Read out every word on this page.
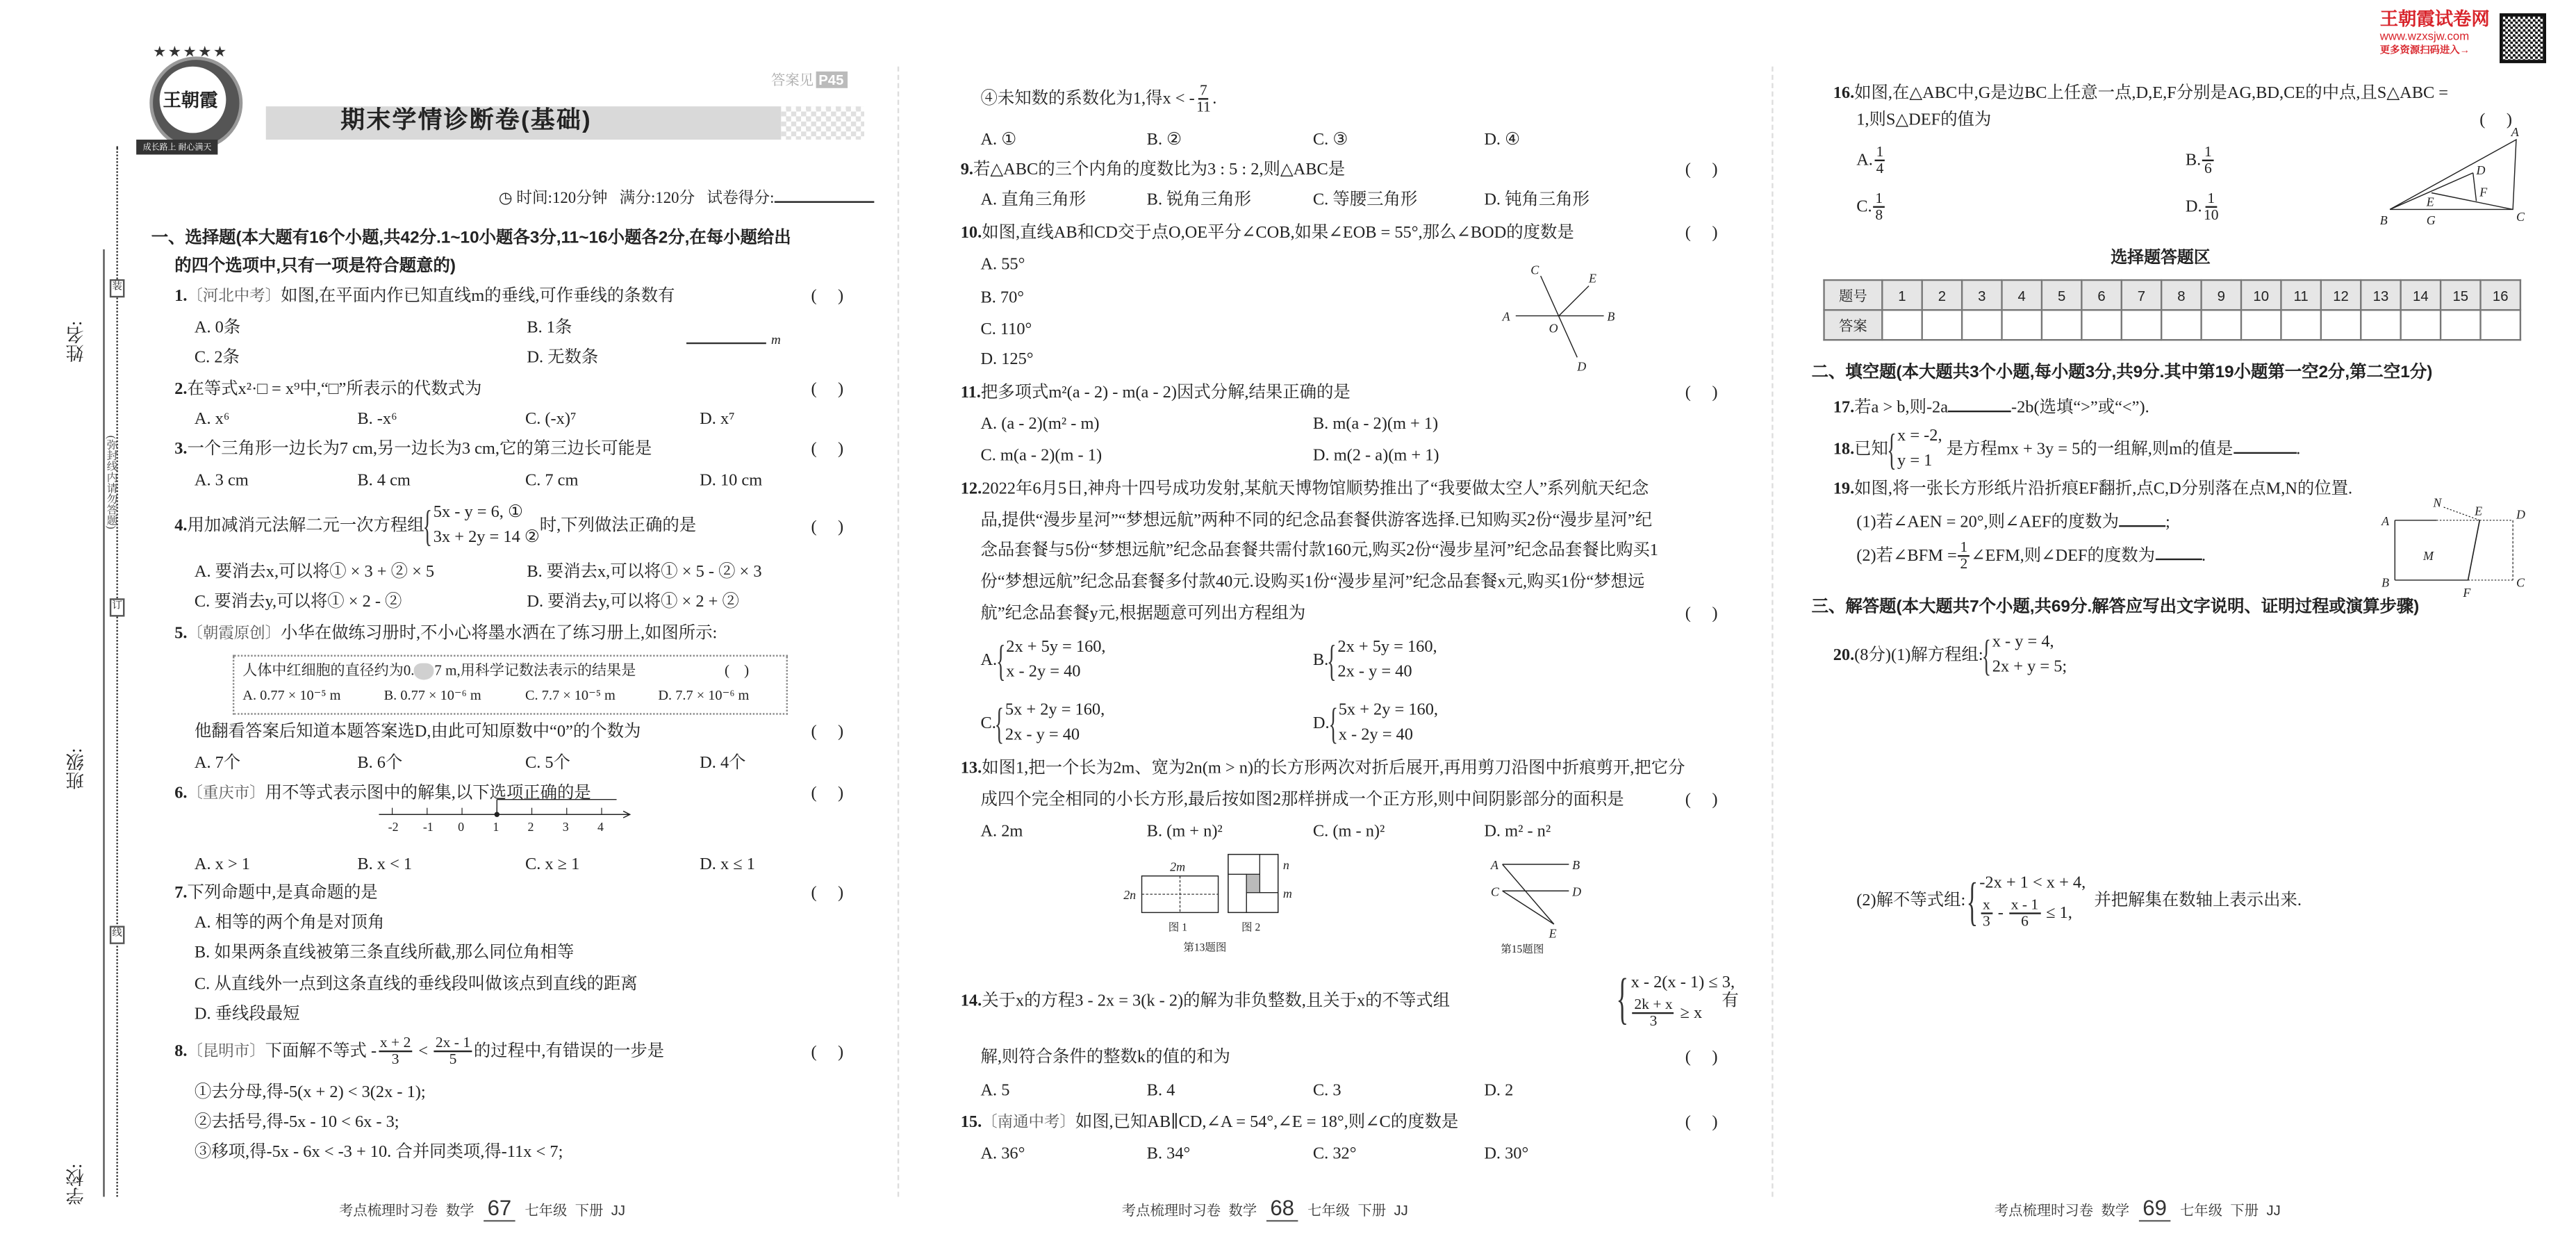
装
订
线
姓名:
班级:
学校:
(弥封线内请勿答题)
★★★★★
王朝霞
成长路上 耐心满天
期末学情诊断卷(基础)
答案见 P45
◷ 时间:120分钟 满分:120分 试卷得分:
一、选择题(本大题有16个小题,共42分.1~10小题各3分,11~16小题各2分,在每小题给出
的四个选项中,只有一项是符合题意的)
1.〔河北中考〕如图,在平面内作已知直线m的垂线,可作垂线的条数有	(     )
A. 0条	B. 1条
C. 2条	D. 无数条
m
2.在等式x²·□ = x⁹中,“□”所表示的代数式为	(     )
A. x⁶	B. -x⁶	C. (-x)⁷	D. x⁷
3.一个三角形一边长为7 cm,另一边长为3 cm,它的第三边长可能是	(     )
A. 3 cm	B. 4 cm	C. 7 cm	D. 10 cm
4.用加减消元法解二元一次方程组
{ 5x - y = 6, ①
3x + 2y = 14 ②
时,下列做法正确的是	(     )
A. 要消去x,可以将① × 3 + ② × 5	B. 要消去x,可以将① × 5 - ② × 3
C. 要消去y,可以将① × 2 - ②	D. 要消去y,可以将① × 2 + ②
5.〔朝霞原创〕小华在做练习册时,不小心将墨水洒在了练习册上,如图所示:
人体中红细胞的直径约为0.	7 m,用科学记数法表示的结果是	(    )
A. 0.77 × 10⁻⁵ m	B. 0.77 × 10⁻⁶ m	C. 7.7 × 10⁻⁵ m	D. 7.7 × 10⁻⁶ m
他翻看答案后知道本题答案选D,由此可知原数中“0”的个数为	(     )
A. 7个	B. 6个	C. 5个	D. 4个
6.〔重庆市〕用不等式表示图中的解集,以下选项正确的是	(     )
-2	-1	0	1	2	3	4
A. x > 1	B. x < 1	C. x ≥ 1	D. x ≤ 1
7.下列命题中,是真命题的是	(     )
A. 相等的两个角是对顶角
B. 如果两条直线被第三条直线所截,那么同位角相等
C. 从直线外一点到这条直线的垂线段叫做该点到直线的距离
D. 垂线段最短
8.〔昆明市〕下面解不等式 - $\frac{x + 2}{3} < \frac{2x - 1}{5}$ 的过程中,有错误的一步是	(     )
①去分母,得-5(x + 2) < 3(2x - 1);
②去括号,得-5x - 10 < 6x - 3;
③移项,得-5x - 6x < -3 + 10. 合并同类项,得-11x < 7;
考点梳理时习卷 数学 67 七年级 下册 JJ
④未知数的系数化为1,得x < - $\frac{7}{11}$ .
A. ①	B. ②	C. ③	D. ④
9.若△ABC的三个内角的度数比为3 : 5 : 2,则△ABC是	(     )
A. 直角三角形	B. 锐角三角形	C. 等腰三角形	D. 钝角三角形
10.如图,直线AB和CD交于点O,OE平分∠COB,如果∠EOB = 55°,那么∠BOD的度数是	(     )
A. 55°
B. 70°
C. 110°
D. 125°
A	B
C
D
E
O
11.把多项式m²(a - 2) - m(a - 2)因式分解,结果正确的是	(     )
A. (a - 2)(m² - m)	B. m(a - 2)(m + 1)
C. m(a - 2)(m - 1)	D. m(2 - a)(m + 1)
12.2022年6月5日,神舟十四号成功发射,某航天博物馆顺势推出了“我要做太空人”系列航天纪念
品,提供“漫步星河”“梦想远航”两种不同的纪念品套餐供游客选择.已知购买2份“漫步星河”纪
念品套餐与5份“梦想远航”纪念品套餐共需付款160元,购买2份“漫步星河”纪念品套餐比购买1
份“梦想远航”纪念品套餐多付款40元.设购买1份“漫步星河”纪念品套餐x元,购买1份“梦想远
航”纪念品套餐y元,根据题意可列出方程组为	(     )
A.
{ 2x + 5y = 160,
x - 2y = 40
B.
{ 2x + 5y = 160,
2x - y = 40
C.
{ 5x + 2y = 160,
2x - y = 40
D.
{ 5x + 2y = 160,
x - 2y = 40
13.如图1,把一个长为2m、宽为2n(m > n)的长方形两次对折后展开,再用剪刀沿图中折痕剪开,把它分
成四个完全相同的小长方形,最后按如图2那样拼成一个正方形,则中间阴影部分的面积是	(     )
A. 2m	B. (m + n)²	C. (m - n)²	D. m² - n²
2m
2n
n
m
图 1	图 2
第13题图
A	B
C	D
E
第15题图
14.关于x的方程3 - 2x = 3(k - 2)的解为非负整数,且关于x的不等式组	{ x - 2(x - 1) ≤ 3,
$\frac{2k + x}{3} \ge x$
有
解,则符合条件的整数k的值的和为	(     )
A. 5	B. 4	C. 3	D. 2
15.〔南通中考〕如图,已知AB∥CD,∠A = 54°,∠E = 18°,则∠C的度数是	(     )
A. 36°	B. 34°	C. 32°	D. 30°
考点梳理时习卷 数学 68 七年级 下册 JJ
王朝霞试卷网
www.wzxsjw.com
更多资源扫码进入→
16.如图,在△ABC中,G是边BC上任意一点,D,E,F分别是AG,BD,CE的中点,且S△ABC =
1,则S△DEF的值为	(     )
A. $\frac{1}{4}$	B. $\frac{1}{6}$
C. $\frac{1}{8}$	D. $\frac{1}{10}$
A
B	C
D
E
F
G
选择题答题区
题号	1	2	3	4	5	6	7	8	9	10	11	12	13	14	15	16
答案																
二、填空题(本大题共3个小题,每小题3分,共9分.其中第19小题第一空2分,第二空1分)
17.若a > b,则-2a	-2b(选填“>”或“<”).
18.已知
{ x = -2,
y = 1
是方程mx + 3y = 5的一组解,则m的值是	.
19.如图,将一张长方形纸片沿折痕EF翻折,点C,D分别落在点M,N的位置.
(1)若∠AEN = 20°,则∠AEF的度数为	;
(2)若∠BFM = $\frac{1}{2}$ ∠EFM,则∠DEF的度数为	.
A
B	C
D
E
F
M
N
三、解答题(本大题共7个小题,共69分.解答应写出文字说明、证明过程或演算步骤)
20.(8分)(1)解方程组:
{ x - y = 4,
2x + y = 5;
(2)解不等式组: { -2x + 1 < x + 4,
$\frac{x}{3} - \frac{x - 1}{6} \le 1$,
并把解集在数轴上表示出来.
考点梳理时习卷 数学 69 七年级 下册 JJ
